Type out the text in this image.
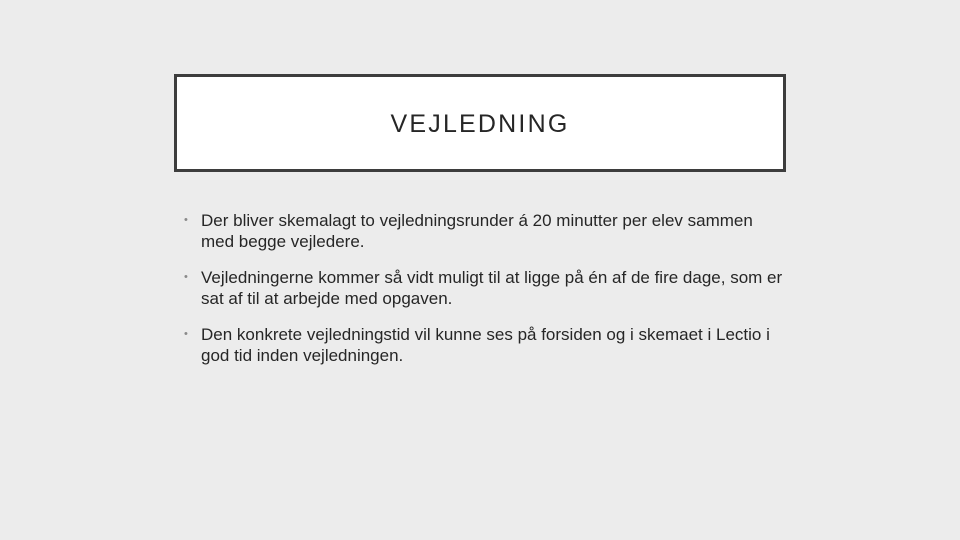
VEJLEDNING
• Der bliver skemalagt to vejledningsrunder á 20 minutter per elev sammen med begge vejledere.
• Vejledningerne kommer så vidt muligt til at ligge på én af de fire dage, som er sat af til at arbejde med opgaven.
• Den konkrete vejledningstid vil kunne ses på forsiden og i skemaet i Lectio i god tid inden vejledningen.
